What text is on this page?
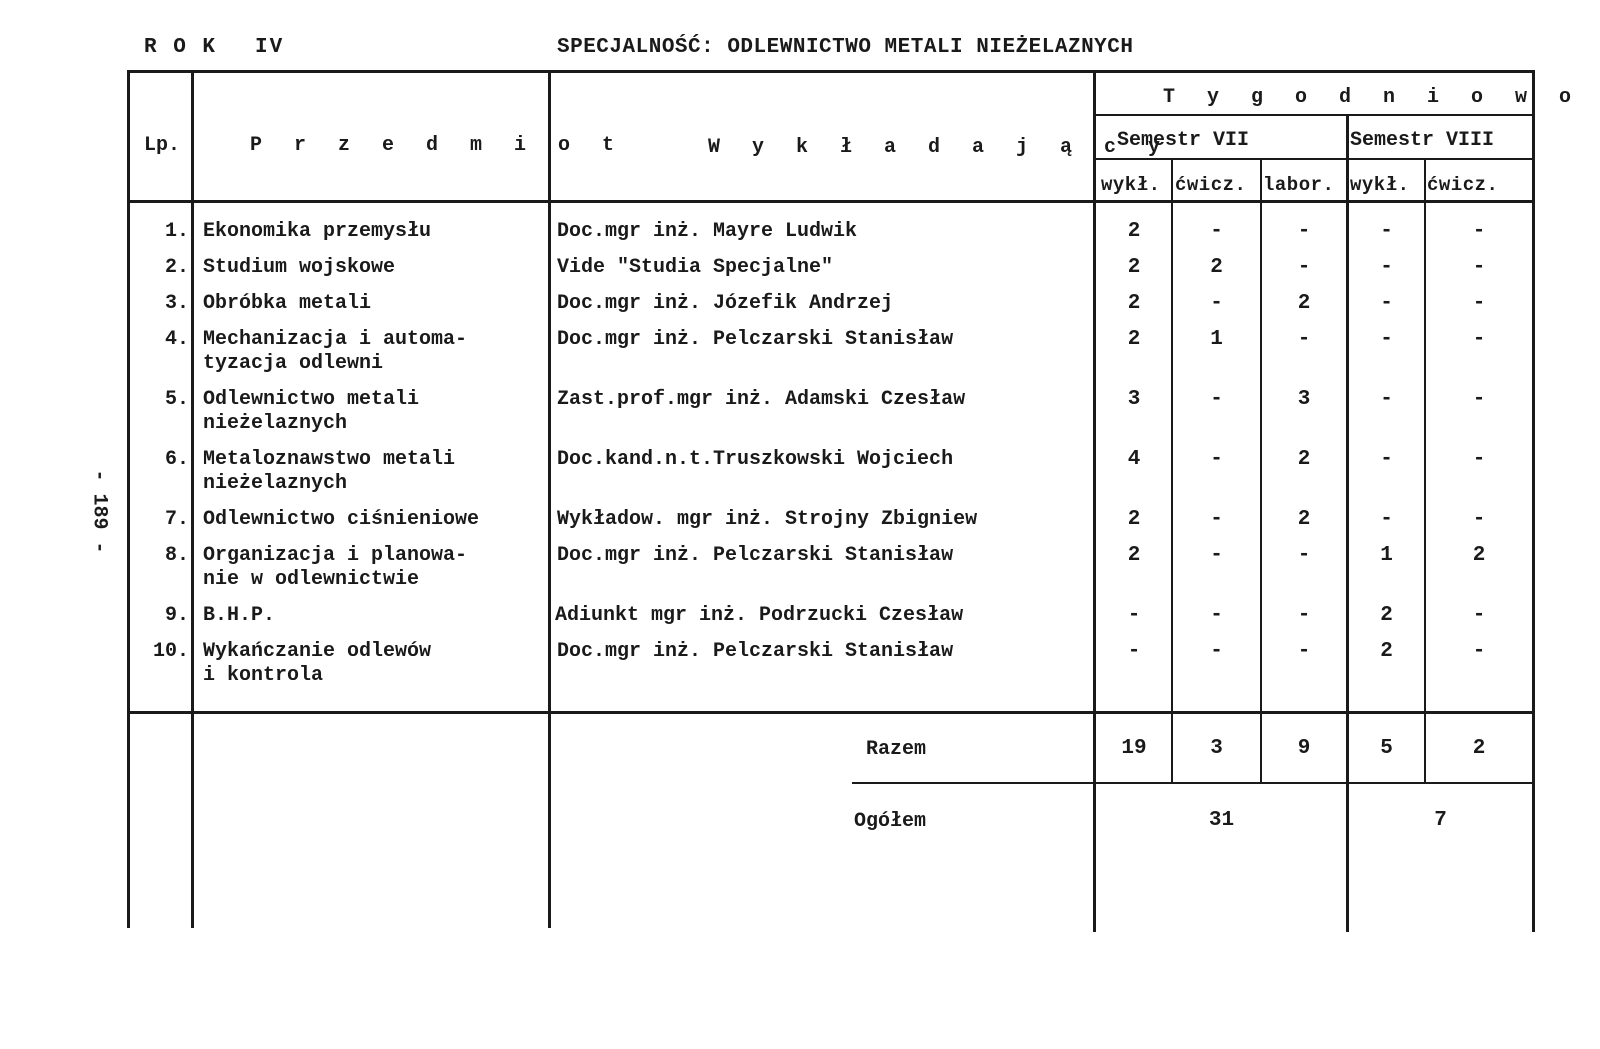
R O K IV	SPECJALNOŚĆ: ODLEWNICTWO METALI NIEŻELAZNYCH
- 189 -
Lp.	P r z e d m i o t	W y k ł a d a j ą c y
T y g o d n i o w o
Semestr VII	Semestr VIII
wykł. ćwicz. labor. wykł. ćwicz.
1. Ekonomika przemysłu	Doc.mgr inż. Mayre Ludwik	2	-	-	-	-
2. Studium wojskowe	Vide "Studia Specjalne"	2	2	-	-	-
3. Obróbka metali	Doc.mgr inż. Józefik Andrzej	2	-	2	-	-
4. Mechanizacja i automa-
tyzacja odlewni
Doc.mgr inż. Pelczarski Stanisław	2	1	-	-	-
5. Odlewnictwo metali
nieżelaznych
Zast.prof.mgr inż. Adamski Czesław	3	-	3	-	-
6. Metaloznawstwo metali
nieżelaznych
Doc.kand.n.t.Truszkowski Wojciech	4	-	2	-	-
7. Odlewnictwo ciśnieniowe	Wykładow. mgr inż. Strojny Zbigniew	2	-	2	-	-
8. Organizacja i planowa-
nie w odlewnictwie
Doc.mgr inż. Pelczarski Stanisław	2	-	-	1	2
9. B.H.P.	Adiunkt mgr inż. Podrzucki Czesław	-	-	-	2	-
10. Wykańczanie odlewów
i kontrola
Doc.mgr inż. Pelczarski Stanisław	-	-	-	2	-
Razem	19	3	9	5	2
Ogółem	31	7
